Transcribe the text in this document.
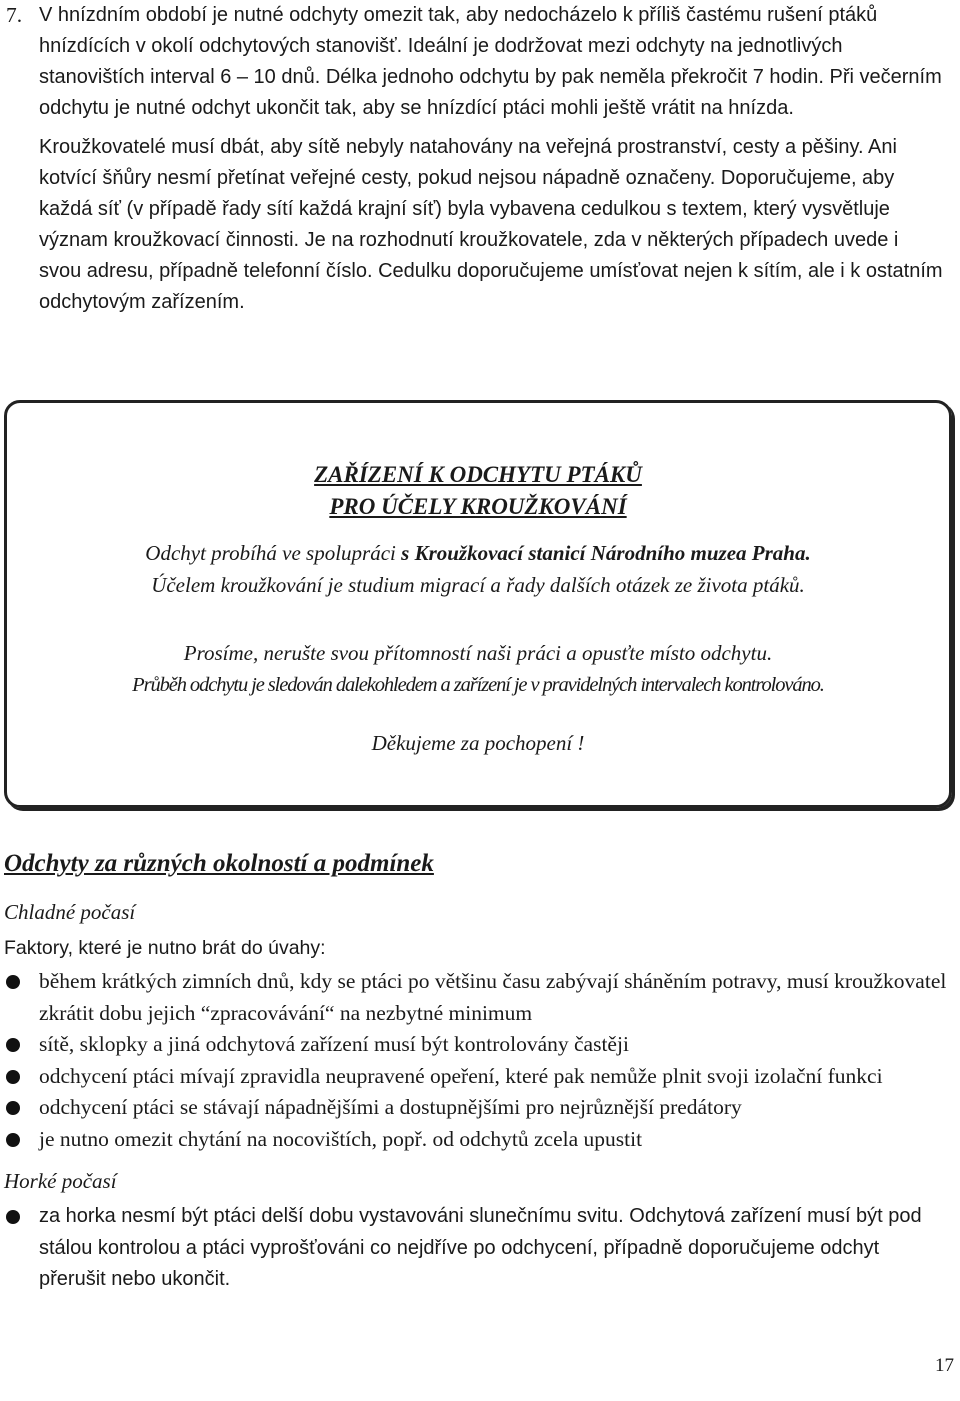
7. V hnízdním období je nutné odchyty omezit tak, aby nedocházelo k příliš častému rušení ptáků hnízdících v okolí odchytových stanovišť. Ideální je dodržovat mezi odchyty na jednotlivých stanovištích interval 6 – 10 dnů. Délka jednoho odchytu by pak neměla překročit 7 hodin. Při večerním odchytu je nutné odchyt ukončit tak, aby se hnízdící ptáci mohli ještě vrátit na hnízda.

Kroužkovatelé musí dbát, aby sítě nebyly natahovány na veřejná prostranství, cesty a pěšiny. Ani kotvící šňůry nesmí přetínat veřejné cesty, pokud nejsou nápadně označeny. Doporučujeme, aby každá síť (v případě řady sítí každá krajní síť) byla vybavena cedulkou s textem, který vysvětluje význam kroužkovací činnosti. Je na rozhodnutí kroužkovatele, zda v některých případech uvede i svou adresu, případně telefonní číslo. Cedulku doporučujeme umísťovat nejen k sítím, ale i k ostatním odchytovým zařízením.

ZAŘÍZENÍ K ODCHYTU PTÁKŮ
PRO ÚČELY KROUŽKOVÁNÍ
Odchyt probíhá ve spolupráci s Kroužkovací stanicí Národního muzea Praha.
Účelem kroužkování je studium migrací a řady dalších otázek ze života ptáků.
Prosíme, nerušte svou přítomností naši práci a opusťte místo odchytu.
Průběh odchytu je sledován dalekohledem a zařízení je v pravidelných intervalech kontrolováno.
Děkujeme za pochopení !
Odchyty za různých okolností a podmínek
Chladné počasí

Faktory, které je nutno brát do úvahy:

během krátkých zimních dnů, kdy se ptáci po většinu času zabývají sháněním potravy, musí kroužkovatel zkrátit dobu jejich “zpracovávání“ na nezbytné minimum
sítě, sklopky a jiná odchytová zařízení musí být kontrolovány častěji
odchycení ptáci mívají zpravidla neupravené opeření, které pak nemůže plnit svoji izolační funkci
odchycení ptáci se stávají nápadnějšími a dostupnějšími pro nejrůznější predátory
je nutno omezit chytání na nocovištích, popř. od odchytů zcela upustit
Horké počasí
za horka nesmí být ptáci delší dobu vystavováni slunečnímu svitu. Odchytová zařízení musí být pod stálou kontrolou a ptáci vyprošťováni co nejdříve po odchycení, případně doporučujeme odchyt přerušit nebo ukončit.
17
